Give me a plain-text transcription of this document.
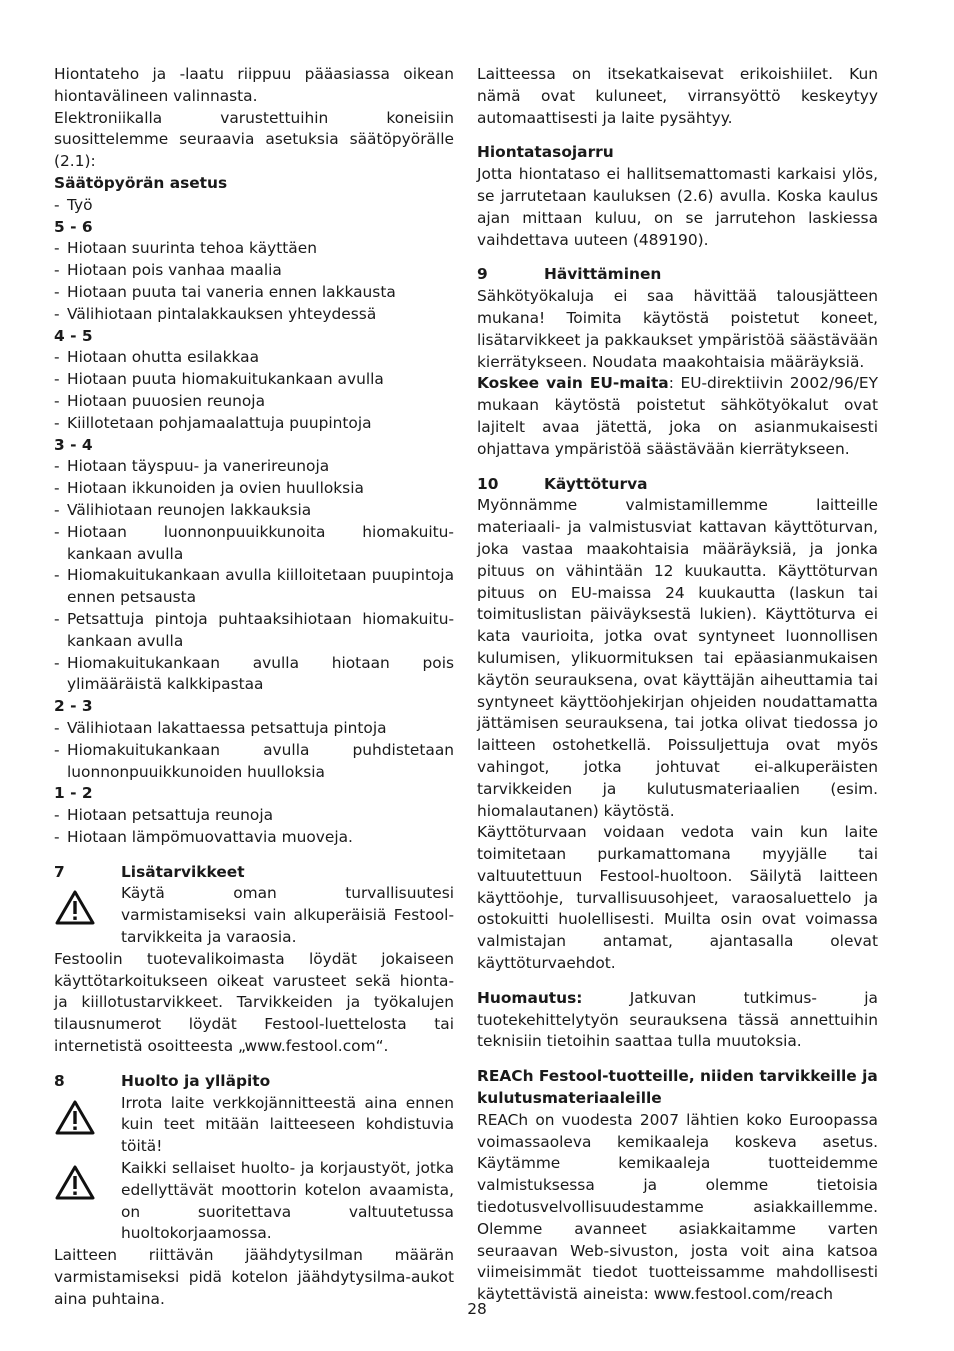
Hiontateho ja -laatu riippuu pääasiassa oikean hiontavälineen valinnasta.

Elektroniikalla varustettuihin koneisiin suosittelemme seuraavia asetuksia säätöpyörälle (2.1):

Säätöpyörän asetus

- Työ

5 - 6

- Hiotaan suurinta tehoa käyttäen
- Hiotaan pois vanhaa maalia
- Hiotaan puuta tai vaneria ennen lakkausta
- Välihiotaan pintalakkauksen yhteydessä

4 - 5

- Hiotaan ohutta esilakkaa
- Hiotaan puuta hiomakuitukankaan avulla
- Hiotaan puuosien reunoja
- Kiillotetaan pohjamaalattuja puupintoja

3 - 4

- Hiotaan täyspuu- ja vanerireunoja
- Hiotaan ikkunoiden ja ovien huulloksia
- Välihiotaan reunojen lakkauksia
- Hiotaan luonnonpuuikkunoita hiomakuitu-kankaan avulla
- Hiomakuitukankaan avulla kiilloitetaan puupintoja ennen petsausta
- Petsattuja pintoja puhtaaksihiotaan hiomakuitu-kankaan avulla
- Hiomakuitukankaan avulla hiotaan pois ylimääräistä kalkkipastaa

2 - 3

- Välihiotaan lakattaessa petsattuja pintoja
- Hiomakuitukankaan avulla puhdistetaan luonnonpuuikkunoiden huulloksia

1 - 2

- Hiotaan petsattuja reunoja
- Hiotaan lämpömuovattavia muoveja.
7	Lisätarvikkeet

Käytä oman turvallisuutesi varmistamiseksi vain alkuperäisiä Festool-tarvikkeita ja varaosia.

Festoolin tuotevalikoimasta löydät jokaiseen käyttötarkoitukseen oikeat varusteet sekä hionta- ja kiillotustarvikkeet. Tarvikkeiden ja työkalujen tilausnumerot löydät Festool-luettelosta tai internetistä osoitteesta „www.festool.com“.

8	Huolto ja ylläpito

Irrota laite verkkojännitteestä aina ennen kuin teet mitään laitteeseen kohdistuvia töitä!

Kaikki sellaiset huolto- ja korjaustyöt, jotka edellyttävät moottorin kotelon avaamista, on suoritettava valtuutetussa huoltokorjaamossa.

Laitteen riittävän jäähdytysilman määrän varmistamiseksi pidä kotelon jäähdytysilma-aukot aina puhtaina.

Laitteessa on itsekatkaisevat erikoishiilet. Kun nämä ovat kuluneet, virransyöttö keskeytyy automaattisesti ja laite pysähtyy.

Hiontatasojarru

Jotta hiontataso ei hallitsemattomasti karkaisi ylös, se jarrutetaan kauluksen (2.6) avulla. Koska kaulus ajan mittaan kuluu, on se jarrutehon laskiessa vaihdettava uuteen (489190).

9	Hävittäminen

Sähkötyökaluja ei saa hävittää talousjätteen mukana! Toimita käytöstä poistetut koneet, lisätarvikkeet ja pakkaukset ympäristöä säästävään kierrätykseen. Noudata maakohtaisia määräyksiä.

Koskee vain EU-maita: EU-direktiivin 2002/96/EY mukaan käytöstä poistetut sähkötyökalut ovat lajitelt avaa jätettä, joka on asianmukaisesti ohjattava ympäristöä säästävään kierrätykseen.

10	Käyttöturva

Myönnämme valmistamillemme laitteille materiaali- ja valmistusviat kattavan käyttöturvan, joka vastaa maakohtaisia määräyksiä, ja jonka pituus on vähintään 12 kuukautta. Käyttöturvan pituus on EU-maissa 24 kuukautta (laskun tai toimituslistan päiväyksestä lukien). Käyttöturva ei kata vaurioita, jotka ovat syntyneet luonnollisen kulumisen, ylikuormituksen tai epäasianmukaisen käytön seurauksena, ovat käyttäjän aiheuttamia tai syntyneet käyttöohjekirjan ohjeiden noudattamatta jättämisen seurauksena, tai jotka olivat tiedossa jo laitteen ostohetkellä. Poissuljettuja ovat myös vahingot, jotka johtuvat ei-alkuperäisten tarvikkeiden ja kulutusmateriaalien (esim. hiomalautanen) käytöstä.

Käyttöturvaan voidaan vedota vain kun laite toimitetaan purkamattomana myyjälle tai valtuutettuun Festool-huoltoon. Säilytä laitteen käyttöohje, turvallisuusohjeet, varaosaluettelo ja ostokuitti huolellisesti. Muilta osin ovat voimassa valmistajan antamat, ajantasalla olevat käyttöturvaehdot.

Huomautus: Jatkuvan tutkimus- ja tuotekehittelytyön seurauksena tässä annettuihin teknisiin tietoihin saattaa tulla muutoksia.

REACh Festool-tuotteille, niiden tarvikkeille ja kulutusmateriaaleille

REACh on vuodesta 2007 lähtien koko Euroopassa voimassaoleva kemikaaleja koskeva asetus. Käytämme kemikaaleja tuotteidemme valmistuksessa ja olemme tietoisia tiedotusvelvollisuudestamme asiakkaillemme. Olemme avanneet asiakkaitamme varten seuraavan Web-sivuston, josta voit aina katsoa viimeisimmät tiedot tuotteissamme mahdollisesti käytettävistä aineista: www.festool.com/reach

28
